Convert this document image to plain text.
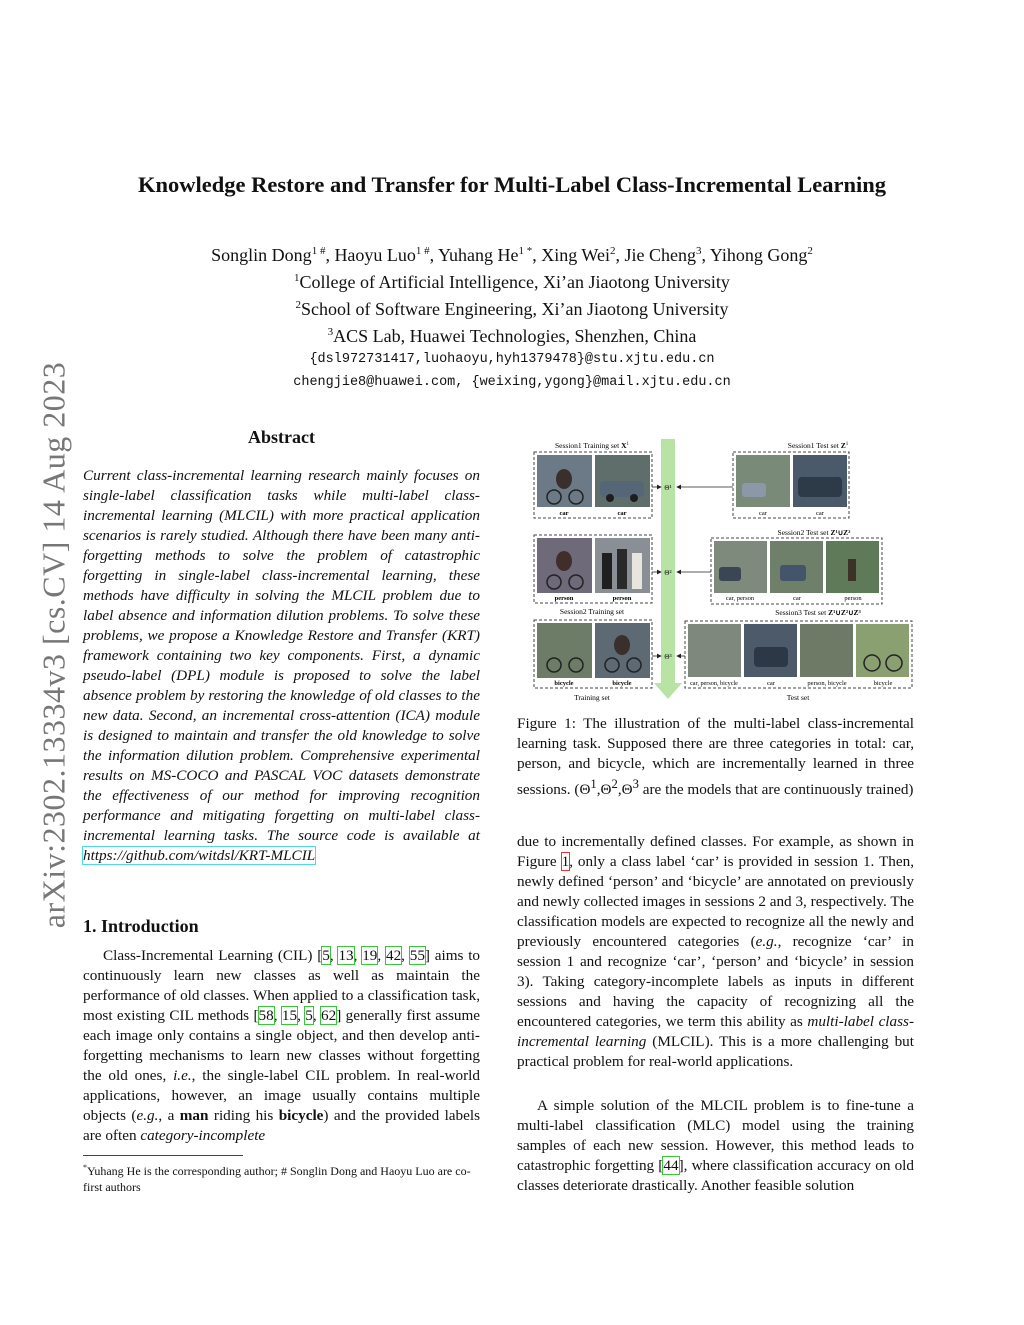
arXiv:2302.13334v3 [cs.CV] 14 Aug 2023
Knowledge Restore and Transfer for Multi-Label Class-Incremental Learning
Songlin Dong$^{1 \#}$, Haoyu Luo$^{1 \#}$, Yuhang $He^{1 *}$, Xing Wei$^2$, Jie Cheng$^3$, Yihong Gong$^2$
$^1$College of Artificial Intelligence, Xi’an Jiaotong University
$^2$School of Software Engineering, Xi’an Jiaotong University
$^3$ACS Lab, Huawei Technologies, Shenzhen, China
{dsl972731417,luohaoyu,hyh1379478}@stu.xjtu.edu.cn
chengjie8@huawei.com, {weixing,ygong}@mail.xjtu.edu.cn
Abstract
Current class-incremental learning research mainly focuses on single-label classification tasks while multi-label class-incremental learning (MLCIL) with more practical application scenarios is rarely studied. Although there have been many anti-forgetting methods to solve the problem of catastrophic forgetting in single-label class-incremental learning, these methods have difficulty in solving the MLCIL problem due to label absence and information dilution problems. To solve these problems, we propose a Knowledge Restore and Transfer (KRT) framework containing two key components. First, a dynamic pseudo-label (DPL) module is proposed to solve the label absence problem by restoring the knowledge of old classes to the new data. Second, an incremental cross-attention (ICA) module is designed to maintain and transfer the old knowledge to solve the information dilution problem. Comprehensive experimental results on MS-COCO and PASCAL VOC datasets demonstrate the effectiveness of our method for improving recognition performance and mitigating forgetting on multi-label class-incremental learning tasks. The source code is available at https://github.com/witdsl/KRT-MLCIL
1. Introduction
Class-Incremental Learning (CIL) [5, 13, 19, 42, 55] aims to continuously learn new classes as well as maintain the performance of old classes. When applied to a classification task, most existing CIL methods [58, 15, 5, 62] generally first assume each image only contains a single object, and then develop anti-forgetting mechanisms to learn new classes without forgetting the old ones, i.e., the single-label CIL problem. In real-world applications, however, an image usually contains multiple objects (e.g., a man riding his bicycle) and the provided labels are often category-incomplete
*Yuhang He is the corresponding author; # Songlin Dong and Haoyu Luo are co-first authors
Session1 Training set $X^1$
car	car
Session1 Test set $Z^1$
car	car
Θ¹
person	person
Session2 Training set
Session2 Test set Z¹∪Z²
car, person	car	person
Θ²
Session3 Test set Z¹∪Z²∪Z³
bicycle	bicycle
Training set
car, person, bicycle	car	person, bicycle	bicycle
Test set
Θ³
Figure 1: The illustration of the multi-label class-incremental learning task. Supposed there are three categories in total: car, person, and bicycle, which are incrementally learned in three sessions. ($\Theta^1,\Theta^2,\Theta^3$ are the models that are continuously trained)
due to incrementally defined classes. For example, as shown in Figure 1, only a class label ‘car’ is provided in session 1. Then, newly defined ‘person’ and ‘bicycle’ are annotated on previously and newly collected images in sessions 2 and 3, respectively. The classification models are expected to recognize all the newly and previously encountered categories (e.g., recognize ‘car’ in session 1 and recognize ‘car’, ‘person’ and ‘bicycle’ in session 3). Taking category-incomplete labels as inputs in different sessions and having the capacity of recognizing all the encountered categories, we term this ability as multi-label class-incremental learning (MLCIL). This is a more challenging but practical problem for real-world applications.
A simple solution of the MLCIL problem is to fine-tune a multi-label classification (MLC) model using the training samples of each new session. However, this method leads to catastrophic forgetting [44], where classification accuracy on old classes deteriorate drastically. Another feasible solution
